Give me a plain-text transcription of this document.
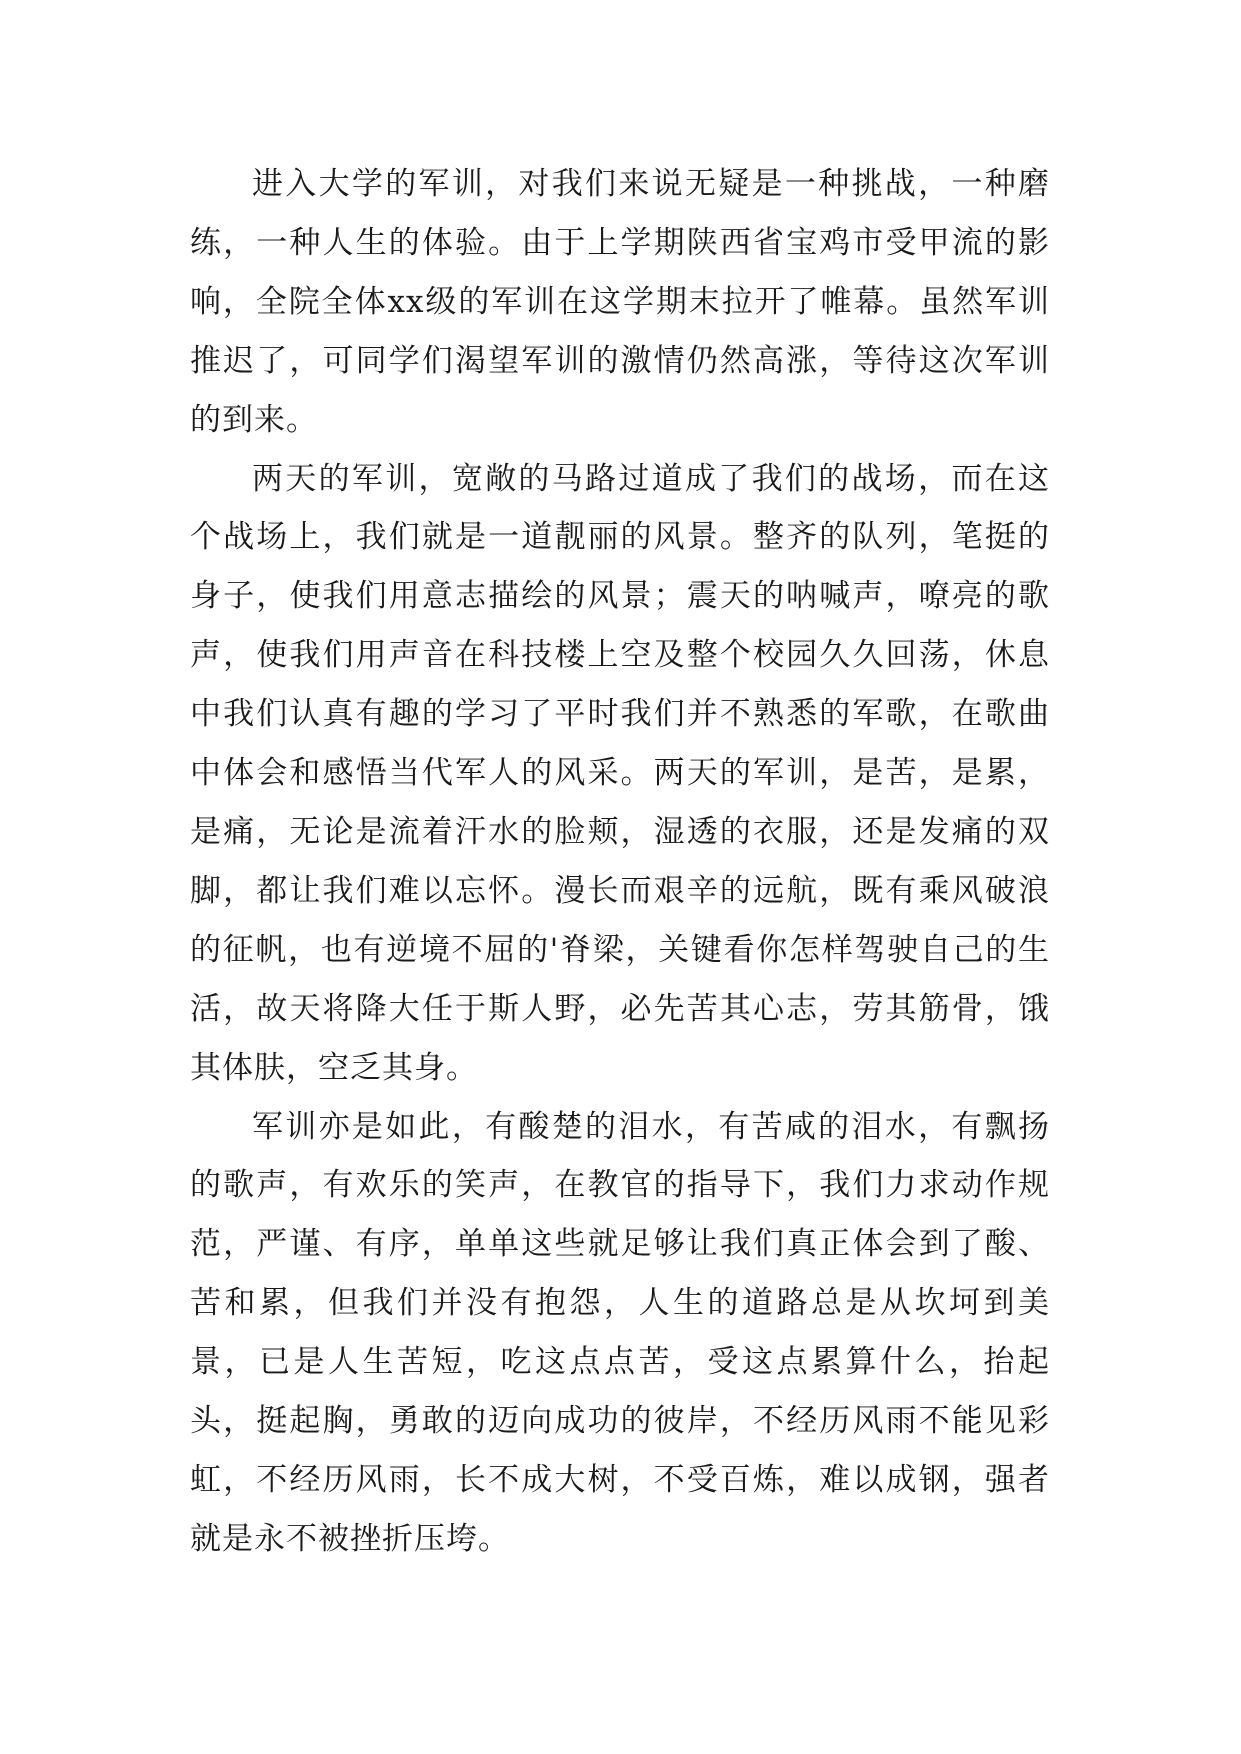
进入大学的军训，对我们来说无疑是一种挑战，一种磨练，一种人生的体验。由于上学期陕西省宝鸡市受甲流的影响，全院全体xx级的军训在这学期末拉开了帷幕。虽然军训推迟了，可同学们渴望军训的激情仍然高涨，等待这次军训的到来。

两天的军训，宽敞的马路过道成了我们的战场，而在这个战场上，我们就是一道靓丽的风景。整齐的队列，笔挺的身子，使我们用意志描绘的风景；震天的呐喊声，嘹亮的歌声，使我们用声音在科技楼上空及整个校园久久回荡，休息中我们认真有趣的学习了平时我们并不熟悉的军歌，在歌曲中体会和感悟当代军人的风采。两天的军训，是苦，是累，是痛，无论是流着汗水的脸颊，湿透的衣服，还是发痛的双脚，都让我们难以忘怀。漫长而艰辛的远航，既有乘风破浪的征帆，也有逆境不屈的'脊梁，关键看你怎样驾驶自己的生活，故天将降大任于斯人野，必先苦其心志，劳其筋骨，饿其体肤，空乏其身。

军训亦是如此，有酸楚的泪水，有苦咸的泪水，有飘扬的歌声，有欢乐的笑声，在教官的指导下，我们力求动作规范，严谨、有序，单单这些就足够让我们真正体会到了酸、苦和累，但我们并没有抱怨，人生的道路总是从坎坷到美景，已是人生苦短，吃这点点苦，受这点累算什么，抬起头，挺起胸，勇敢的迈向成功的彼岸，不经历风雨不能见彩虹，不经历风雨，长不成大树，不受百炼，难以成钢，强者就是永不被挫折压垮。
